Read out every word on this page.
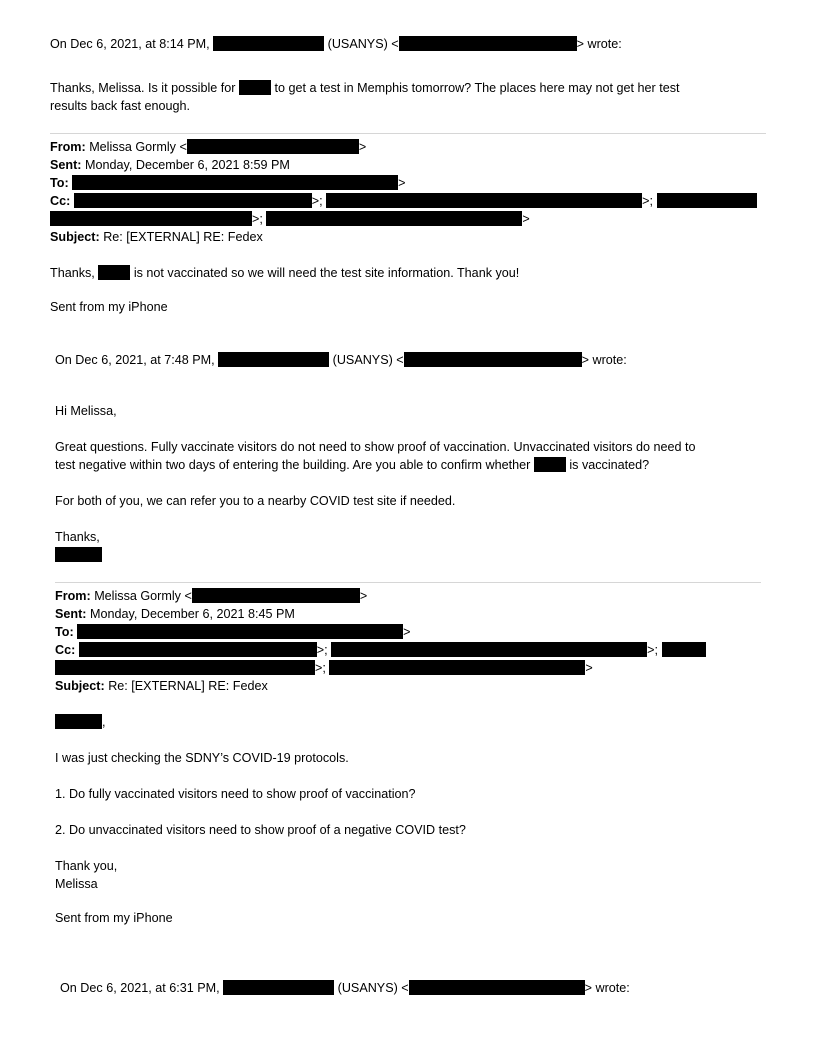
On Dec 6, 2021, at 8:14 PM,	(USANYS) <	> wrote:
Thanks, Melissa. Is it possible for	to get a test in Memphis tomorrow? The places here may not get her test
results back fast enough.
From: Melissa Gormly <	>
Sent: Monday, December 6, 2021 8:59 PM
To:	>
Cc:	>;	>;
>;	>
Subject: Re: [EXTERNAL] RE: Fedex
Thanks,	is not vaccinated so we will need the test site information. Thank you!
Sent from my iPhone
On Dec 6, 2021, at 7:48 PM,	(USANYS) <	> wrote:
Hi Melissa,
Great questions. Fully vaccinate visitors do not need to show proof of vaccination. Unvaccinated visitors do need to
test negative within two days of entering the building. Are you able to confirm whether	is vaccinated?
For both of you, we can refer you to a nearby COVID test site if needed.
Thanks,
From: Melissa Gormly <	>
Sent: Monday, December 6, 2021 8:45 PM
To:	>
Cc:	>;	>;
>;	>
Subject: Re: [EXTERNAL] RE: Fedex
,
I was just checking the SDNY’s COVID-19 protocols.
1. Do fully vaccinated visitors need to show proof of vaccination?
2. Do unvaccinated visitors need to show proof of a negative COVID test?
Thank you,
Melissa
Sent from my iPhone
On Dec 6, 2021, at 6:31 PM,	(USANYS) <	> wrote:
